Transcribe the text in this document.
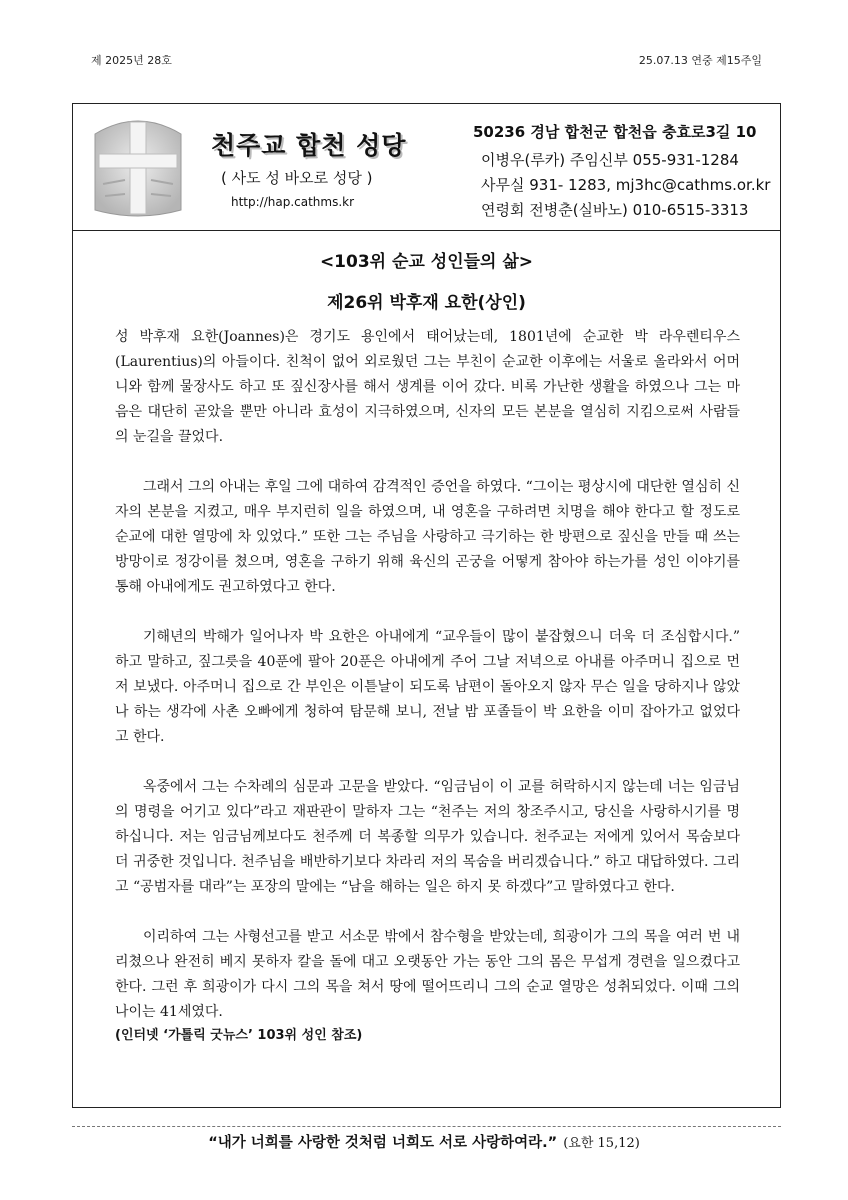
제 2025년 28호	25.07.13 연중 제15주일
천주교 합천 성당
( 사도 성 바오로 성당 )
http://hap.cathms.kr
50236 경남 합천군 합천읍 충효로3길 10
이병우(루카) 주임신부 055-931-1284
사무실 931- 1283, mj3hc@cathms.or.kr
연령회 전병춘(실바노) 010-6515-3313
<103위 순교 성인들의 삶>
제26위 박후재 요한(상인)

성 박후재 요한(Joannes)은 경기도 용인에서 태어났는데, 1801년에 순교한 박 라우렌티우스(Laurentius)의 아들이다. 친척이 없어 외로웠던 그는 부친이 순교한 이후에는 서울로 올라와서 어머니와 함께 물장사도 하고 또 짚신장사를 해서 생계를 이어 갔다. 비록 가난한 생활을 하였으나 그는 마음은 대단히 곧았을 뿐만 아니라 효성이 지극하였으며, 신자의 모든 본분을 열심히 지킴으로써 사람들의 눈길을 끌었다.

그래서 그의 아내는 후일 그에 대하여 감격적인 증언을 하였다. “그이는 평상시에 대단한 열심히 신자의 본분을 지켰고, 매우 부지런히 일을 하였으며, 내 영혼을 구하려면 치명을 해야 한다고 할 정도로 순교에 대한 열망에 차 있었다.” 또한 그는 주님을 사랑하고 극기하는 한 방편으로 짚신을 만들 때 쓰는 방망이로 정강이를 쳤으며, 영혼을 구하기 위해 육신의 곤궁을 어떻게 참아야 하는가를 성인 이야기를 통해 아내에게도 권고하였다고 한다.

기해년의 박해가 일어나자 박 요한은 아내에게 “교우들이 많이 붙잡혔으니 더욱 더 조심합시다.” 하고 말하고, 짚그릇을 40푼에 팔아 20푼은 아내에게 주어 그날 저녁으로 아내를 아주머니 집으로 먼저 보냈다. 아주머니 집으로 간 부인은 이튿날이 되도록 남편이 돌아오지 않자 무슨 일을 당하지나 않았나 하는 생각에 사촌 오빠에게 청하여 탐문해 보니, 전날 밤 포졸들이 박 요한을 이미 잡아가고 없었다고 한다.

옥중에서 그는 수차례의 심문과 고문을 받았다. “임금님이 이 교를 허락하시지 않는데 너는 임금님의 명령을 어기고 있다”라고 재판관이 말하자 그는 “천주는 저의 창조주시고, 당신을 사랑하시기를 명하십니다. 저는 임금님께보다도 천주께 더 복종할 의무가 있습니다. 천주교는 저에게 있어서 목숨보다 더 귀중한 것입니다. 천주님을 배반하기보다 차라리 저의 목숨을 버리겠습니다.” 하고 대답하였다. 그리고 “공범자를 대라”는 포장의 말에는 “남을 해하는 일은 하지 못 하겠다”고 말하였다고 한다.

이리하여 그는 사형선고를 받고 서소문 밖에서 참수형을 받았는데, 희광이가 그의 목을 여러 번 내리쳤으나 완전히 베지 못하자 칼을 돌에 대고 오랫동안 가는 동안 그의 몸은 무섭게 경련을 일으켰다고 한다. 그런 후 희광이가 다시 그의 목을 쳐서 땅에 떨어뜨리니 그의 순교 열망은 성취되었다. 이때 그의 나이는 41세였다.

(인터넷 ‘가톨릭 굿뉴스’ 103위 성인 참조)
“내가 너희를 사랑한 것처럼 너희도 서로 사랑하여라.” (요한 15,12)
